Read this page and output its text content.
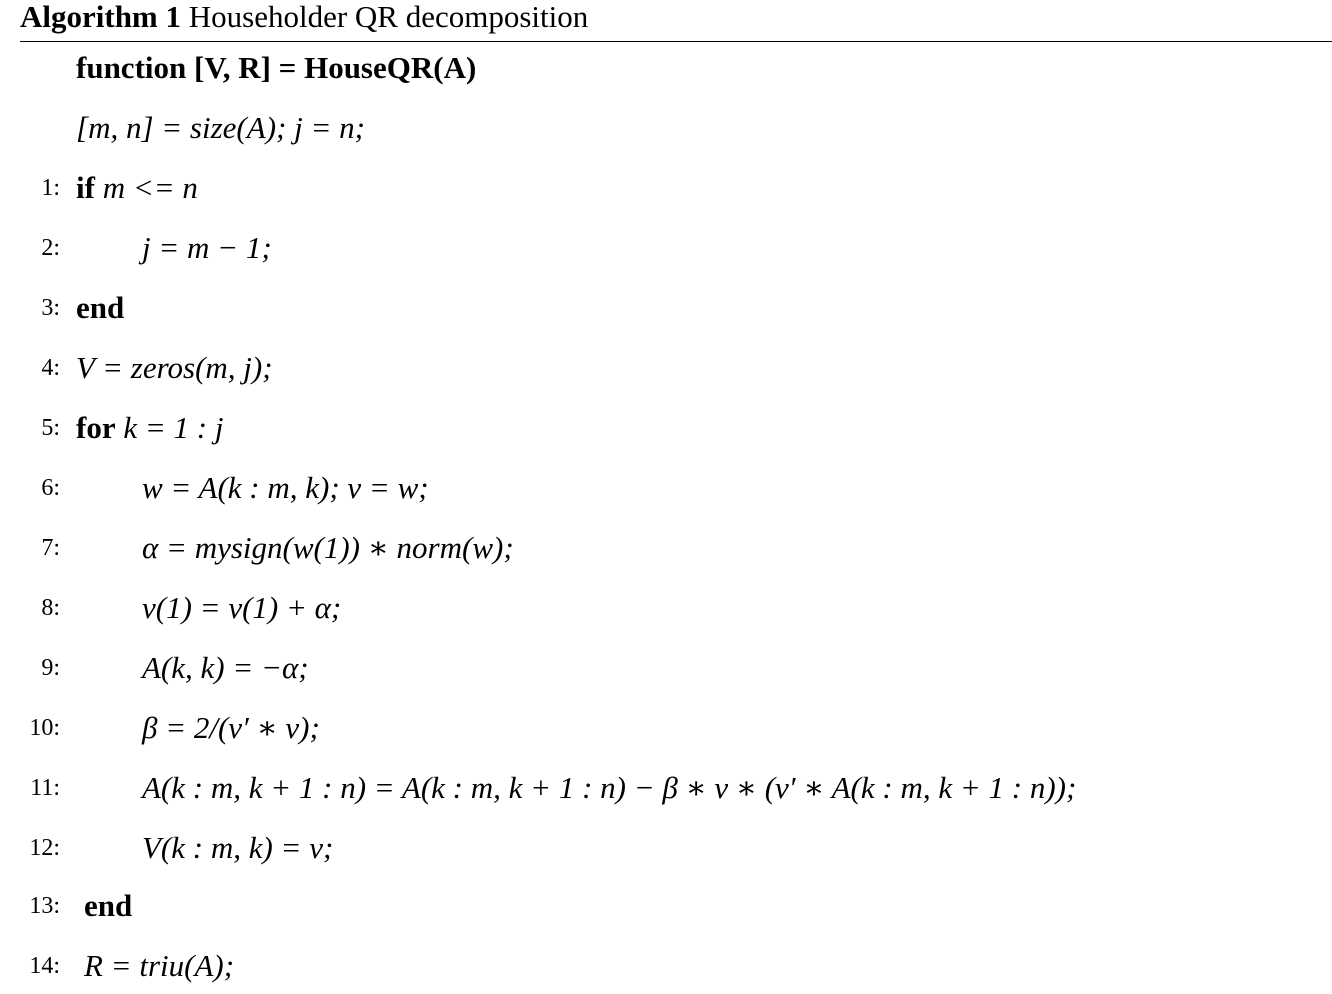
Algorithm 1 Householder QR decomposition
function [V, R] = HouseQR(A)
[m, n] = size(A); j = n;
1: if m <= n
2:	j = m − 1;
3: end
4: V = zeros(m, j);
5: for k = 1 : j
6:	w = A(k : m, k); v = w;
7:	α = mysign(w(1)) ∗ norm(w);
8:	v(1) = v(1) + α;
9:	A(k, k) = −α;
10:	β = 2/(v′ ∗ v);
11:	A(k : m, k + 1 : n) = A(k : m, k + 1 : n) − β ∗ v ∗ (v′ ∗ A(k : m, k + 1 : n));
12:	V(k : m, k) = v;
13: end
14: R = triu(A);
